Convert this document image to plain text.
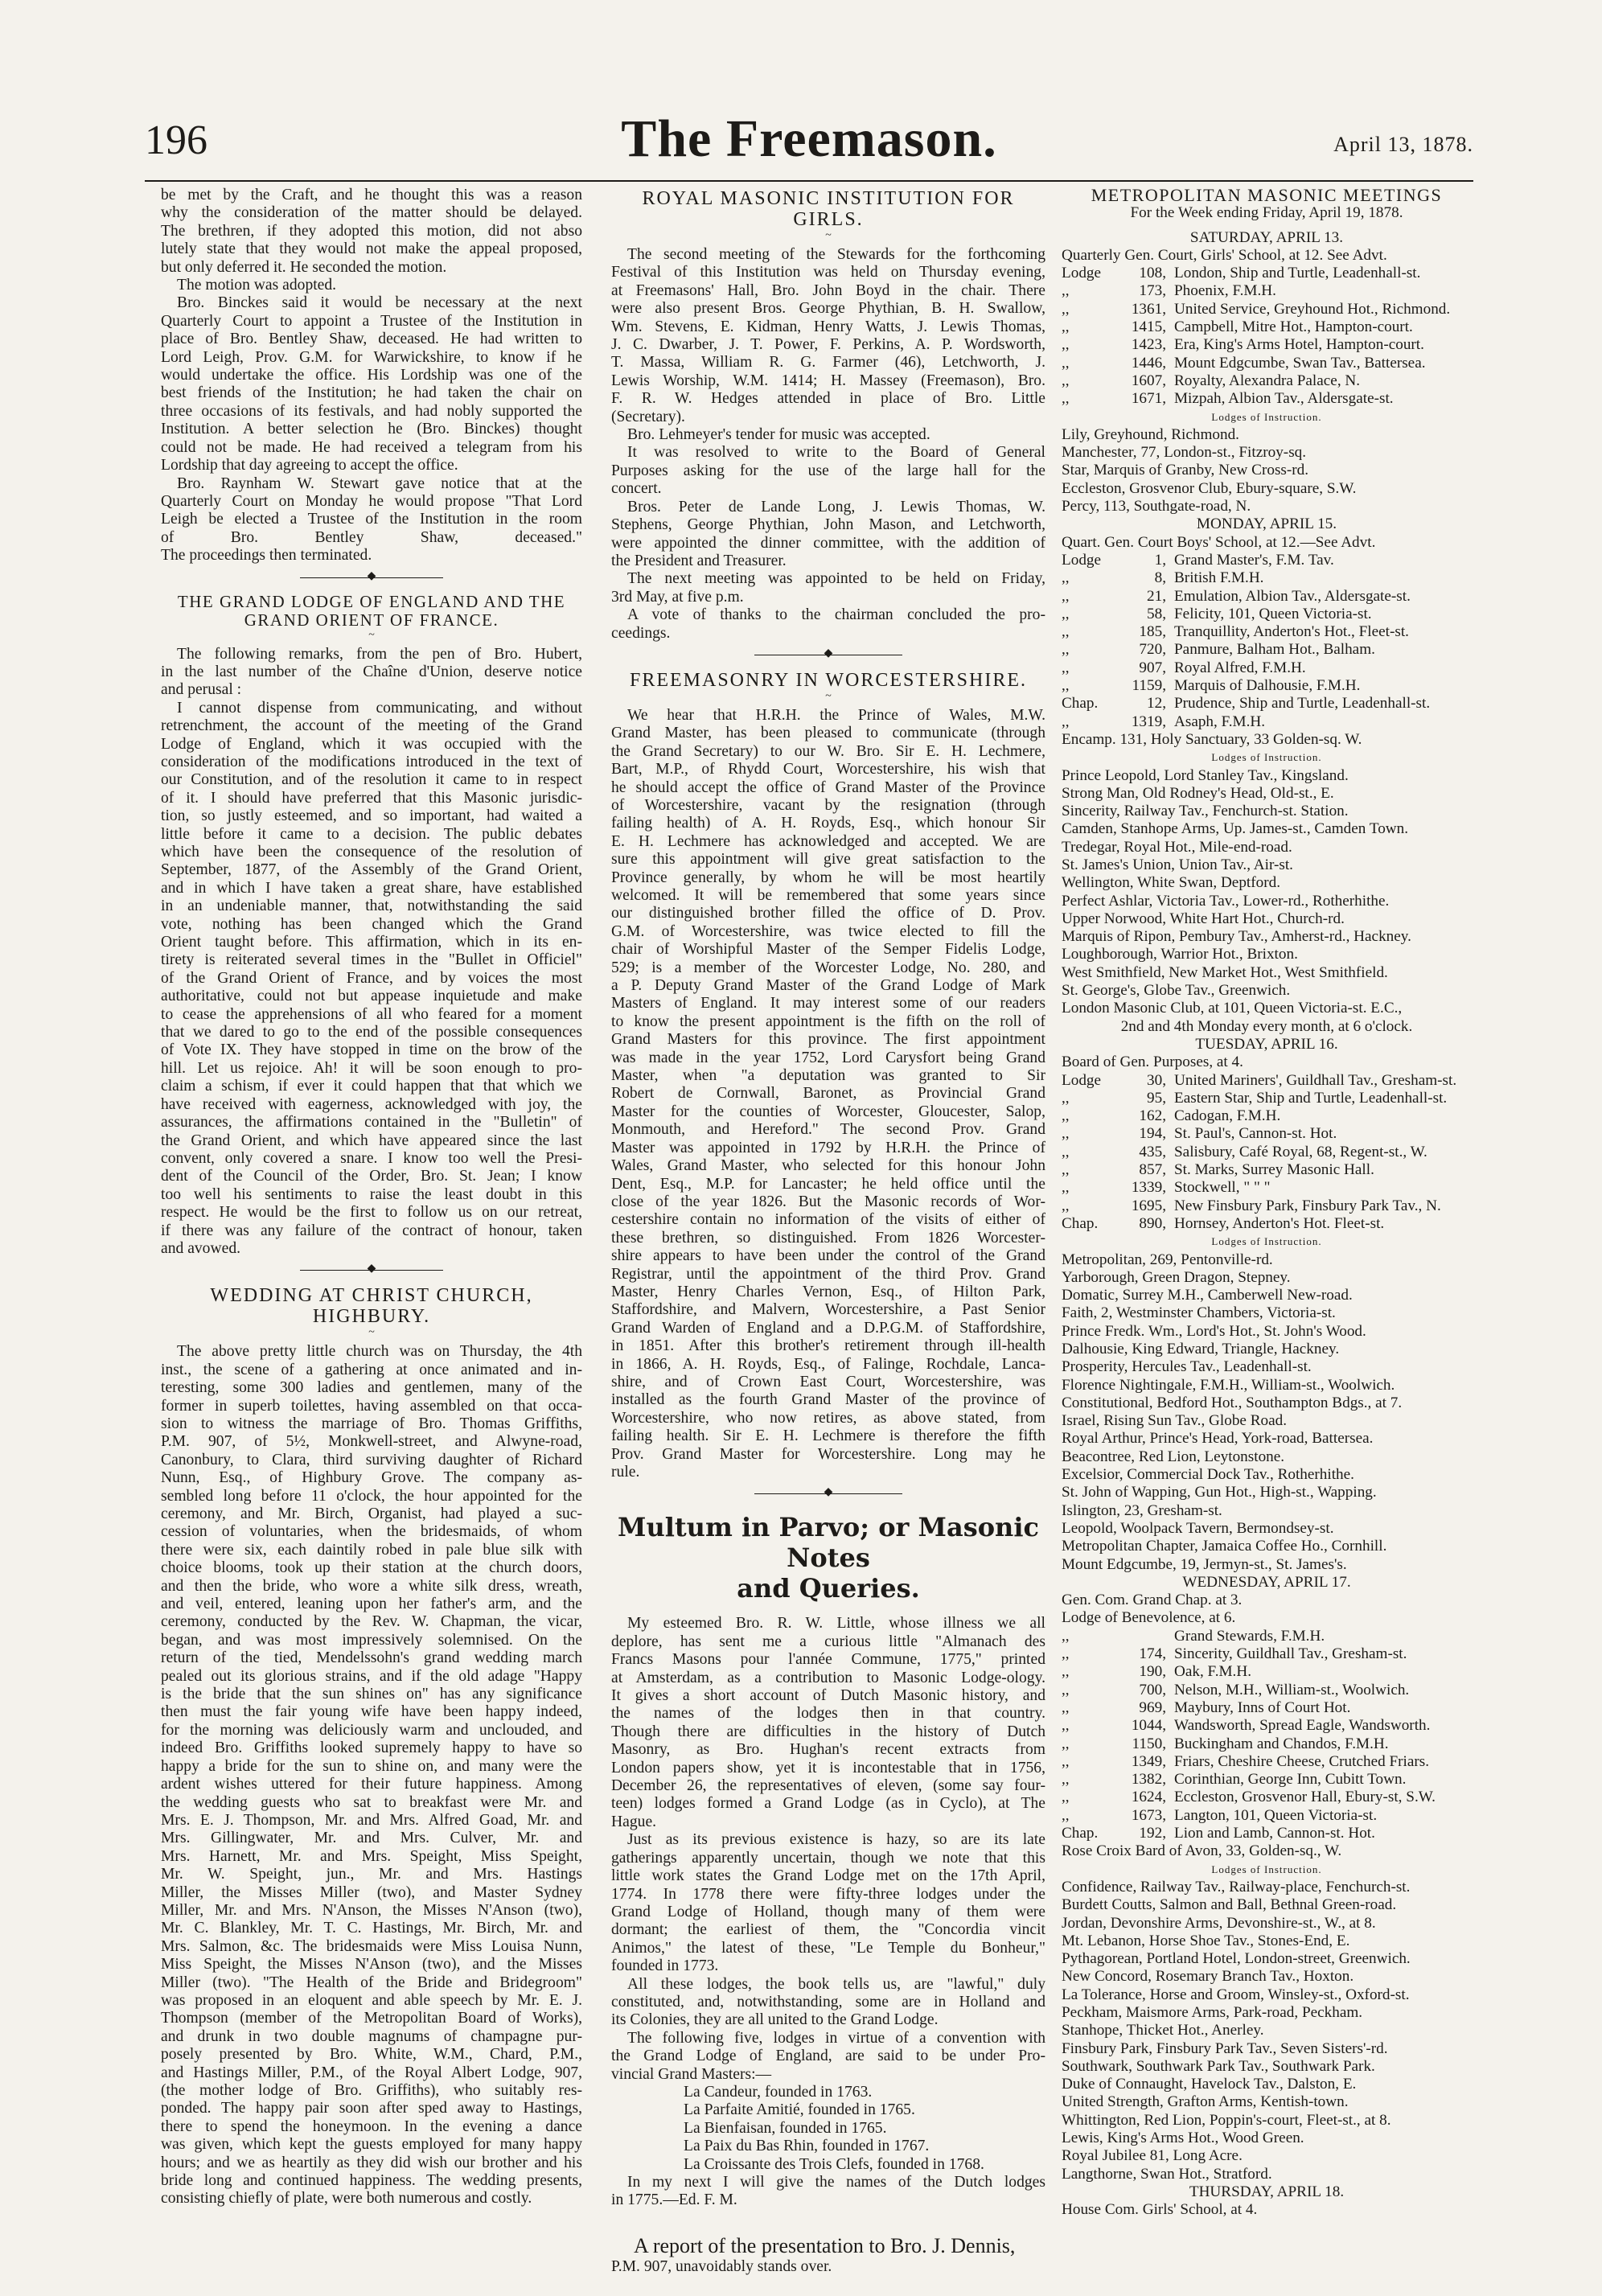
196	The Freemason.	April 13, 1878.

be met by the Craft, and he thought this was a reason

why the consideration of the matter should be delayed.

The brethren, if they adopted this motion, did not abso

lutely state that they would not make the appeal proposed,

but only deferred it. He seconded the motion.

The motion was adopted.

Bro. Binckes said it would be necessary at the next

Quarterly Court to appoint a Trustee of the Institution in

place of Bro. Bentley Shaw, deceased. He had written to

Lord Leigh, Prov. G.M. for Warwickshire, to know if he

would undertake the office. His Lordship was one of the

best friends of the Institution; he had taken the chair on

three occasions of its festivals, and had nobly supported the

Institution. A better selection he (Bro. Binckes) thought

could not be made. He had received a telegram from his

Lordship that day agreeing to accept the office.

Bro. Raynham W. Stewart gave notice that at the

Quarterly Court on Monday he would propose "That Lord

Leigh be elected a Trustee of the Institution in the room

of Bro. Bentley Shaw, deceased."

The proceedings then terminated.

◆
THE GRAND LODGE OF ENGLAND AND THE GRAND ORIENT OF FRANCE.
~

The following remarks, from the pen of Bro. Hubert,

in the last number of the Chaîne d'Union, deserve notice

and perusal :

I cannot dispense from communicating, and without

retrenchment, the account of the meeting of the Grand

Lodge of England, which it was occupied with the

consideration of the modifications introduced in the text of

our Constitution, and of the resolution it came to in respect

of it. I should have preferred that this Masonic jurisdic-

tion, so justly esteemed, and so important, had waited a

little before it came to a decision. The public debates

which have been the consequence of the resolution of

September, 1877, of the Assembly of the Grand Orient,

and in which I have taken a great share, have established

in an undeniable manner, that, notwithstanding the said

vote, nothing has been changed which the Grand

Orient taught before. This affirmation, which in its en-

tirety is reiterated several times in the "Bullet in Officiel"

of the Grand Orient of France, and by voices the most

authoritative, could not but appease inquietude and make

to cease the apprehensions of all who feared for a moment

that we dared to go to the end of the possible consequences

of Vote IX. They have stopped in time on the brow of the

hill. Let us rejoice. Ah! it will be soon enough to pro-

claim a schism, if ever it could happen that that which we

have received with eagerness, acknowledged with joy, the

assurances, the affirmations contained in the "Bulletin" of

the Grand Orient, and which have appeared since the last

convent, only covered a snare. I know too well the Presi-

dent of the Council of the Order, Bro. St. Jean; I know

too well his sentiments to raise the least doubt in this

respect. He would be the first to follow us on our retreat,

if there was any failure of the contract of honour, taken

and avowed.

◆
WEDDING AT CHRIST CHURCH, HIGHBURY.
~

The above pretty little church was on Thursday, the 4th

inst., the scene of a gathering at once animated and in-

teresting, some 300 ladies and gentlemen, many of the

former in superb toilettes, having assembled on that occa-

sion to witness the marriage of Bro. Thomas Griffiths,

P.M. 907, of 5½, Monkwell-street, and Alwyne-road,

Canonbury, to Clara, third surviving daughter of Richard

Nunn, Esq., of Highbury Grove. The company as-

sembled long before 11 o'clock, the hour appointed for the

ceremony, and Mr. Birch, Organist, had played a suc-

cession of voluntaries, when the bridesmaids, of whom

there were six, each daintily robed in pale blue silk with

choice blooms, took up their station at the church doors,

and then the bride, who wore a white silk dress, wreath,

and veil, entered, leaning upon her father's arm, and the

ceremony, conducted by the Rev. W. Chapman, the vicar,

began, and was most impressively solemnised. On the

return of the tied, Mendelssohn's grand wedding march

pealed out its glorious strains, and if the old adage "Happy

is the bride that the sun shines on" has any significance

then must the fair young wife have been happy indeed,

for the morning was deliciously warm and unclouded, and

indeed Bro. Griffiths looked supremely happy to have so

happy a bride for the sun to shine on, and many were the

ardent wishes uttered for their future happiness. Among

the wedding guests who sat to breakfast were Mr. and

Mrs. E. J. Thompson, Mr. and Mrs. Alfred Goad, Mr. and

Mrs. Gillingwater, Mr. and Mrs. Culver, Mr. and

Mrs. Harnett, Mr. and Mrs. Speight, Miss Speight,

Mr. W. Speight, jun., Mr. and Mrs. Hastings

Miller, the Misses Miller (two), and Master Sydney

Miller, Mr. and Mrs. N'Anson, the Misses N'Anson (two),

Mr. C. Blankley, Mr. T. C. Hastings, Mr. Birch, Mr. and

Mrs. Salmon, &c. The bridesmaids were Miss Louisa Nunn,

Miss Speight, the Misses N'Anson (two), and the Misses

Miller (two). "The Health of the Bride and Bridegroom"

was proposed in an eloquent and able speech by Mr. E. J.

Thompson (member of the Metropolitan Board of Works),

and drunk in two double magnums of champagne pur-

posely presented by Bro. White, W.M., Chard, P.M.,

and Hastings Miller, P.M., of the Royal Albert Lodge, 907,

(the mother lodge of Bro. Griffiths), who suitably res-

ponded. The happy pair soon after sped away to Hastings,

there to spend the honeymoon. In the evening a dance

was given, which kept the guests employed for many happy

hours; and we as heartily as they did wish our brother and his

bride long and continued happiness. The wedding presents,

consisting chiefly of plate, were both numerous and costly.

ROYAL MASONIC INSTITUTION FOR GIRLS.
~

The second meeting of the Stewards for the forthcoming

Festival of this Institution was held on Thursday evening,

at Freemasons' Hall, Bro. John Boyd in the chair. There

were also present Bros. George Phythian, B. H. Swallow,

Wm. Stevens, E. Kidman, Henry Watts, J. Lewis Thomas,

J. C. Dwarber, J. T. Power, F. Perkins, A. P. Wordsworth,

T. Massa, William R. G. Farmer (46), Letchworth, J.

Lewis Worship, W.M. 1414; H. Massey (Freemason), Bro.

F. R. W. Hedges attended in place of Bro. Little

(Secretary).

Bro. Lehmeyer's tender for music was accepted.

It was resolved to write to the Board of General

Purposes asking for the use of the large hall for the

concert.

Bros. Peter de Lande Long, J. Lewis Thomas, W.

Stephens, George Phythian, John Mason, and Letchworth,

were appointed the dinner committee, with the addition of

the President and Treasurer.

The next meeting was appointed to be held on Friday,

3rd May, at five p.m.

A vote of thanks to the chairman concluded the pro-

ceedings.

◆
FREEMASONRY IN WORCESTERSHIRE.
~

We hear that H.R.H. the Prince of Wales, M.W.

Grand Master, has been pleased to communicate (through

the Grand Secretary) to our W. Bro. Sir E. H. Lechmere,

Bart, M.P., of Rhydd Court, Worcestershire, his wish that

he should accept the office of Grand Master of the Province

of Worcestershire, vacant by the resignation (through

failing health) of A. H. Royds, Esq., which honour Sir

E. H. Lechmere has acknowledged and accepted. We are

sure this appointment will give great satisfaction to the

Province generally, by whom he will be most heartily

welcomed. It will be remembered that some years since

our distinguished brother filled the office of D. Prov.

G.M. of Worcestershire, was twice elected to fill the

chair of Worshipful Master of the Semper Fidelis Lodge,

529; is a member of the Worcester Lodge, No. 280, and

a P. Deputy Grand Master of the Grand Lodge of Mark

Masters of England. It may interest some of our readers

to know the present appointment is the fifth on the roll of

Grand Masters for this province. The first appointment

was made in the year 1752, Lord Carysfort being Grand

Master, when "a deputation was granted to Sir

Robert de Cornwall, Baronet, as Provincial Grand

Master for the counties of Worcester, Gloucester, Salop,

Monmouth, and Hereford." The second Prov. Grand

Master was appointed in 1792 by H.R.H. the Prince of

Wales, Grand Master, who selected for this honour John

Dent, Esq., M.P. for Lancaster; he held office until the

close of the year 1826. But the Masonic records of Wor-

cestershire contain no information of the visits of either of

these brethren, so distinguished. From 1826 Worcester-

shire appears to have been under the control of the Grand

Registrar, until the appointment of the third Prov. Grand

Master, Henry Charles Vernon, Esq., of Hilton Park,

Staffordshire, and Malvern, Worcestershire, a Past Senior

Grand Warden of England and a D.P.G.M. of Staffordshire,

in 1851. After this brother's retirement through ill-health

in 1866, A. H. Royds, Esq., of Falinge, Rochdale, Lanca-

shire, and of Crown East Court, Worcestershire, was

installed as the fourth Grand Master of the province of

Worcestershire, who now retires, as above stated, from

failing health. Sir E. H. Lechmere is therefore the fifth

Prov. Grand Master for Worcestershire. Long may he

rule.

◆
Multum in Parvo; or Masonic Notes
and Queries.

My esteemed Bro. R. W. Little, whose illness we all

deplore, has sent me a curious little "Almanach des

Francs Masons pour l'année Commune, 1775," printed

at Amsterdam, as a contribution to Masonic Lodge-ology.

It gives a short account of Dutch Masonic history, and

the names of the lodges then in that country.

Though there are difficulties in the history of Dutch

Masonry, as Bro. Hughan's recent extracts from

London papers show, yet it is incontestable that in 1756,

December 26, the representatives of eleven, (some say four-

teen) lodges formed a Grand Lodge (as in Cyclo), at The

Hague.

Just as its previous existence is hazy, so are its late

gatherings apparently uncertain, though we note that this

little work states the Grand Lodge met on the 17th April,

1774. In 1778 there were fifty-three lodges under the

Grand Lodge of Holland, though many of them were

dormant; the earliest of them, the "Concordia vincit

Animos," the latest of these, "Le Temple du Bonheur,"

founded in 1773.

All these lodges, the book tells us, are "lawful," duly

constituted, and, notwithstanding, some are in Holland and

its Colonies, they are all united to the Grand Lodge.

The following five, lodges in virtue of a convention with

the Grand Lodge of England, are said to be under Pro-

vincial Grand Masters:—

La Candeur, founded in 1763.

La Parfaite Amitié, founded in 1765.

La Bienfaisan, founded in 1765.

La Paix du Bas Rhin, founded in 1767.

La Croissante des Trois Clefs, founded in 1768.

In my next I will give the names of the Dutch lodges

in 1775.—Ed. F. M.

A report of the presentation to Bro. J. Dennis,
P.M. 907, unavoidably stands over.
METROPOLITAN MASONIC MEETINGS
For the Week ending Friday, April 19, 1878.
SATURDAY, APRIL 13.
Quarterly Gen. Court, Girls' School, at 12. See Advt.
Lodge 108, London, Ship and Turtle, Leadenhall-st.
,,	173, Phoenix, F.M.H.
,,	1361, United Service, Greyhound Hot., Richmond.
,,	1415, Campbell, Mitre Hot., Hampton-court.
,,	1423, Era, King's Arms Hotel, Hampton-court.
,,	1446, Mount Edgcumbe, Swan Tav., Battersea.
,,	1607, Royalty, Alexandra Palace, N.
,,	1671, Mizpah, Albion Tav., Aldersgate-st.
Lodges of Instruction.
Lily, Greyhound, Richmond.
Manchester, 77, London-st., Fitzroy-sq.
Star, Marquis of Granby, New Cross-rd.
Eccleston, Grosvenor Club, Ebury-square, S.W.
Percy, 113, Southgate-road, N.
MONDAY, APRIL 15.
Quart. Gen. Court Boys' School, at 12.—See Advt.
Lodge	1, Grand Master's, F.M. Tav.
,,	8, British F.M.H.
,,	21, Emulation, Albion Tav., Aldersgate-st.
,,	58, Felicity, 101, Queen Victoria-st.
,,	185, Tranquillity, Anderton's Hot., Fleet-st.
,,	720, Panmure, Balham Hot., Balham.
,,	907, Royal Alfred, F.M.H.
,,	1159, Marquis of Dalhousie, F.M.H.
Chap.	12, Prudence, Ship and Turtle, Leadenhall-st.
,,	1319, Asaph, F.M.H.
Encamp. 131, Holy Sanctuary, 33 Golden-sq. W.
Lodges of Instruction.
Prince Leopold, Lord Stanley Tav., Kingsland.
Strong Man, Old Rodney's Head, Old-st., E.
Sincerity, Railway Tav., Fenchurch-st. Station.
Camden, Stanhope Arms, Up. James-st., Camden Town.
Tredegar, Royal Hot., Mile-end-road.
St. James's Union, Union Tav., Air-st.
Wellington, White Swan, Deptford.
Perfect Ashlar, Victoria Tav., Lower-rd., Rotherhithe.
Upper Norwood, White Hart Hot., Church-rd.
Marquis of Ripon, Pembury Tav., Amherst-rd., Hackney.
Loughborough, Warrior Hot., Brixton.
West Smithfield, New Market Hot., West Smithfield.
St. George's, Globe Tav., Greenwich.
London Masonic Club, at 101, Queen Victoria-st. E.C.,
2nd and 4th Monday every month, at 6 o'clock.
TUESDAY, APRIL 16.
Board of Gen. Purposes, at 4.
Lodge	30, United Mariners', Guildhall Tav., Gresham-st.
,,	95, Eastern Star, Ship and Turtle, Leadenhall-st.
,,	162, Cadogan, F.M.H.
,,	194, St. Paul's, Cannon-st. Hot.
,,	435, Salisbury, Café Royal, 68, Regent-st., W.
,,	857, St. Marks, Surrey Masonic Hall.
,,	1339, Stockwell, " " "
,,	1695, New Finsbury Park, Finsbury Park Tav., N.
Chap.	890, Hornsey, Anderton's Hot. Fleet-st.
Lodges of Instruction.
Metropolitan, 269, Pentonville-rd.
Yarborough, Green Dragon, Stepney.
Domatic, Surrey M.H., Camberwell New-road.
Faith, 2, Westminster Chambers, Victoria-st.
Prince Fredk. Wm., Lord's Hot., St. John's Wood.
Dalhousie, King Edward, Triangle, Hackney.
Prosperity, Hercules Tav., Leadenhall-st.
Florence Nightingale, F.M.H., William-st., Woolwich.
Constitutional, Bedford Hot., Southampton Bdgs., at 7.
Israel, Rising Sun Tav., Globe Road.
Royal Arthur, Prince's Head, York-road, Battersea.
Beacontree, Red Lion, Leytonstone.
Excelsior, Commercial Dock Tav., Rotherhithe.
St. John of Wapping, Gun Hot., High-st., Wapping.
Islington, 23, Gresham-st.
Leopold, Woolpack Tavern, Bermondsey-st.
Metropolitan Chapter, Jamaica Coffee Ho., Cornhill.
Mount Edgcumbe, 19, Jermyn-st., St. James's.
WEDNESDAY, APRIL 17.
Gen. Com. Grand Chap. at 3.
Lodge of Benevolence, at 6.
,,	Grand Stewards, F.M.H.
,,	174, Sincerity, Guildhall Tav., Gresham-st.
,,	190, Oak, F.M.H.
,,	700, Nelson, M.H., William-st., Woolwich.
,,	969, Maybury, Inns of Court Hot.
,,	1044, Wandsworth, Spread Eagle, Wandsworth.
,,	1150, Buckingham and Chandos, F.M.H.
,,	1349, Friars, Cheshire Cheese, Crutched Friars.
,,	1382, Corinthian, George Inn, Cubitt Town.
,,	1624, Eccleston, Grosvenor Hall, Ebury-st, S.W.
,,	1673, Langton, 101, Queen Victoria-st.
Chap.	192, Lion and Lamb, Cannon-st. Hot.
Rose Croix Bard of Avon, 33, Golden-sq., W.
Lodges of Instruction.
Confidence, Railway Tav., Railway-place, Fenchurch-st.
Burdett Coutts, Salmon and Ball, Bethnal Green-road.
Jordan, Devonshire Arms, Devonshire-st., W., at 8.
Mt. Lebanon, Horse Shoe Tav., Stones-End, E.
Pythagorean, Portland Hotel, London-street, Greenwich.
New Concord, Rosemary Branch Tav., Hoxton.
La Tolerance, Horse and Groom, Winsley-st., Oxford-st.
Peckham, Maismore Arms, Park-road, Peckham.
Stanhope, Thicket Hot., Anerley.
Finsbury Park, Finsbury Park Tav., Seven Sisters'-rd.
Southwark, Southwark Park Tav., Southwark Park.
Duke of Connaught, Havelock Tav., Dalston, E.
United Strength, Grafton Arms, Kentish-town.
Whittington, Red Lion, Poppin's-court, Fleet-st., at 8.
Lewis, King's Arms Hot., Wood Green.
Royal Jubilee 81, Long Acre.
Langthorne, Swan Hot., Stratford.
THURSDAY, APRIL 18.
House Com. Girls' School, at 4.
